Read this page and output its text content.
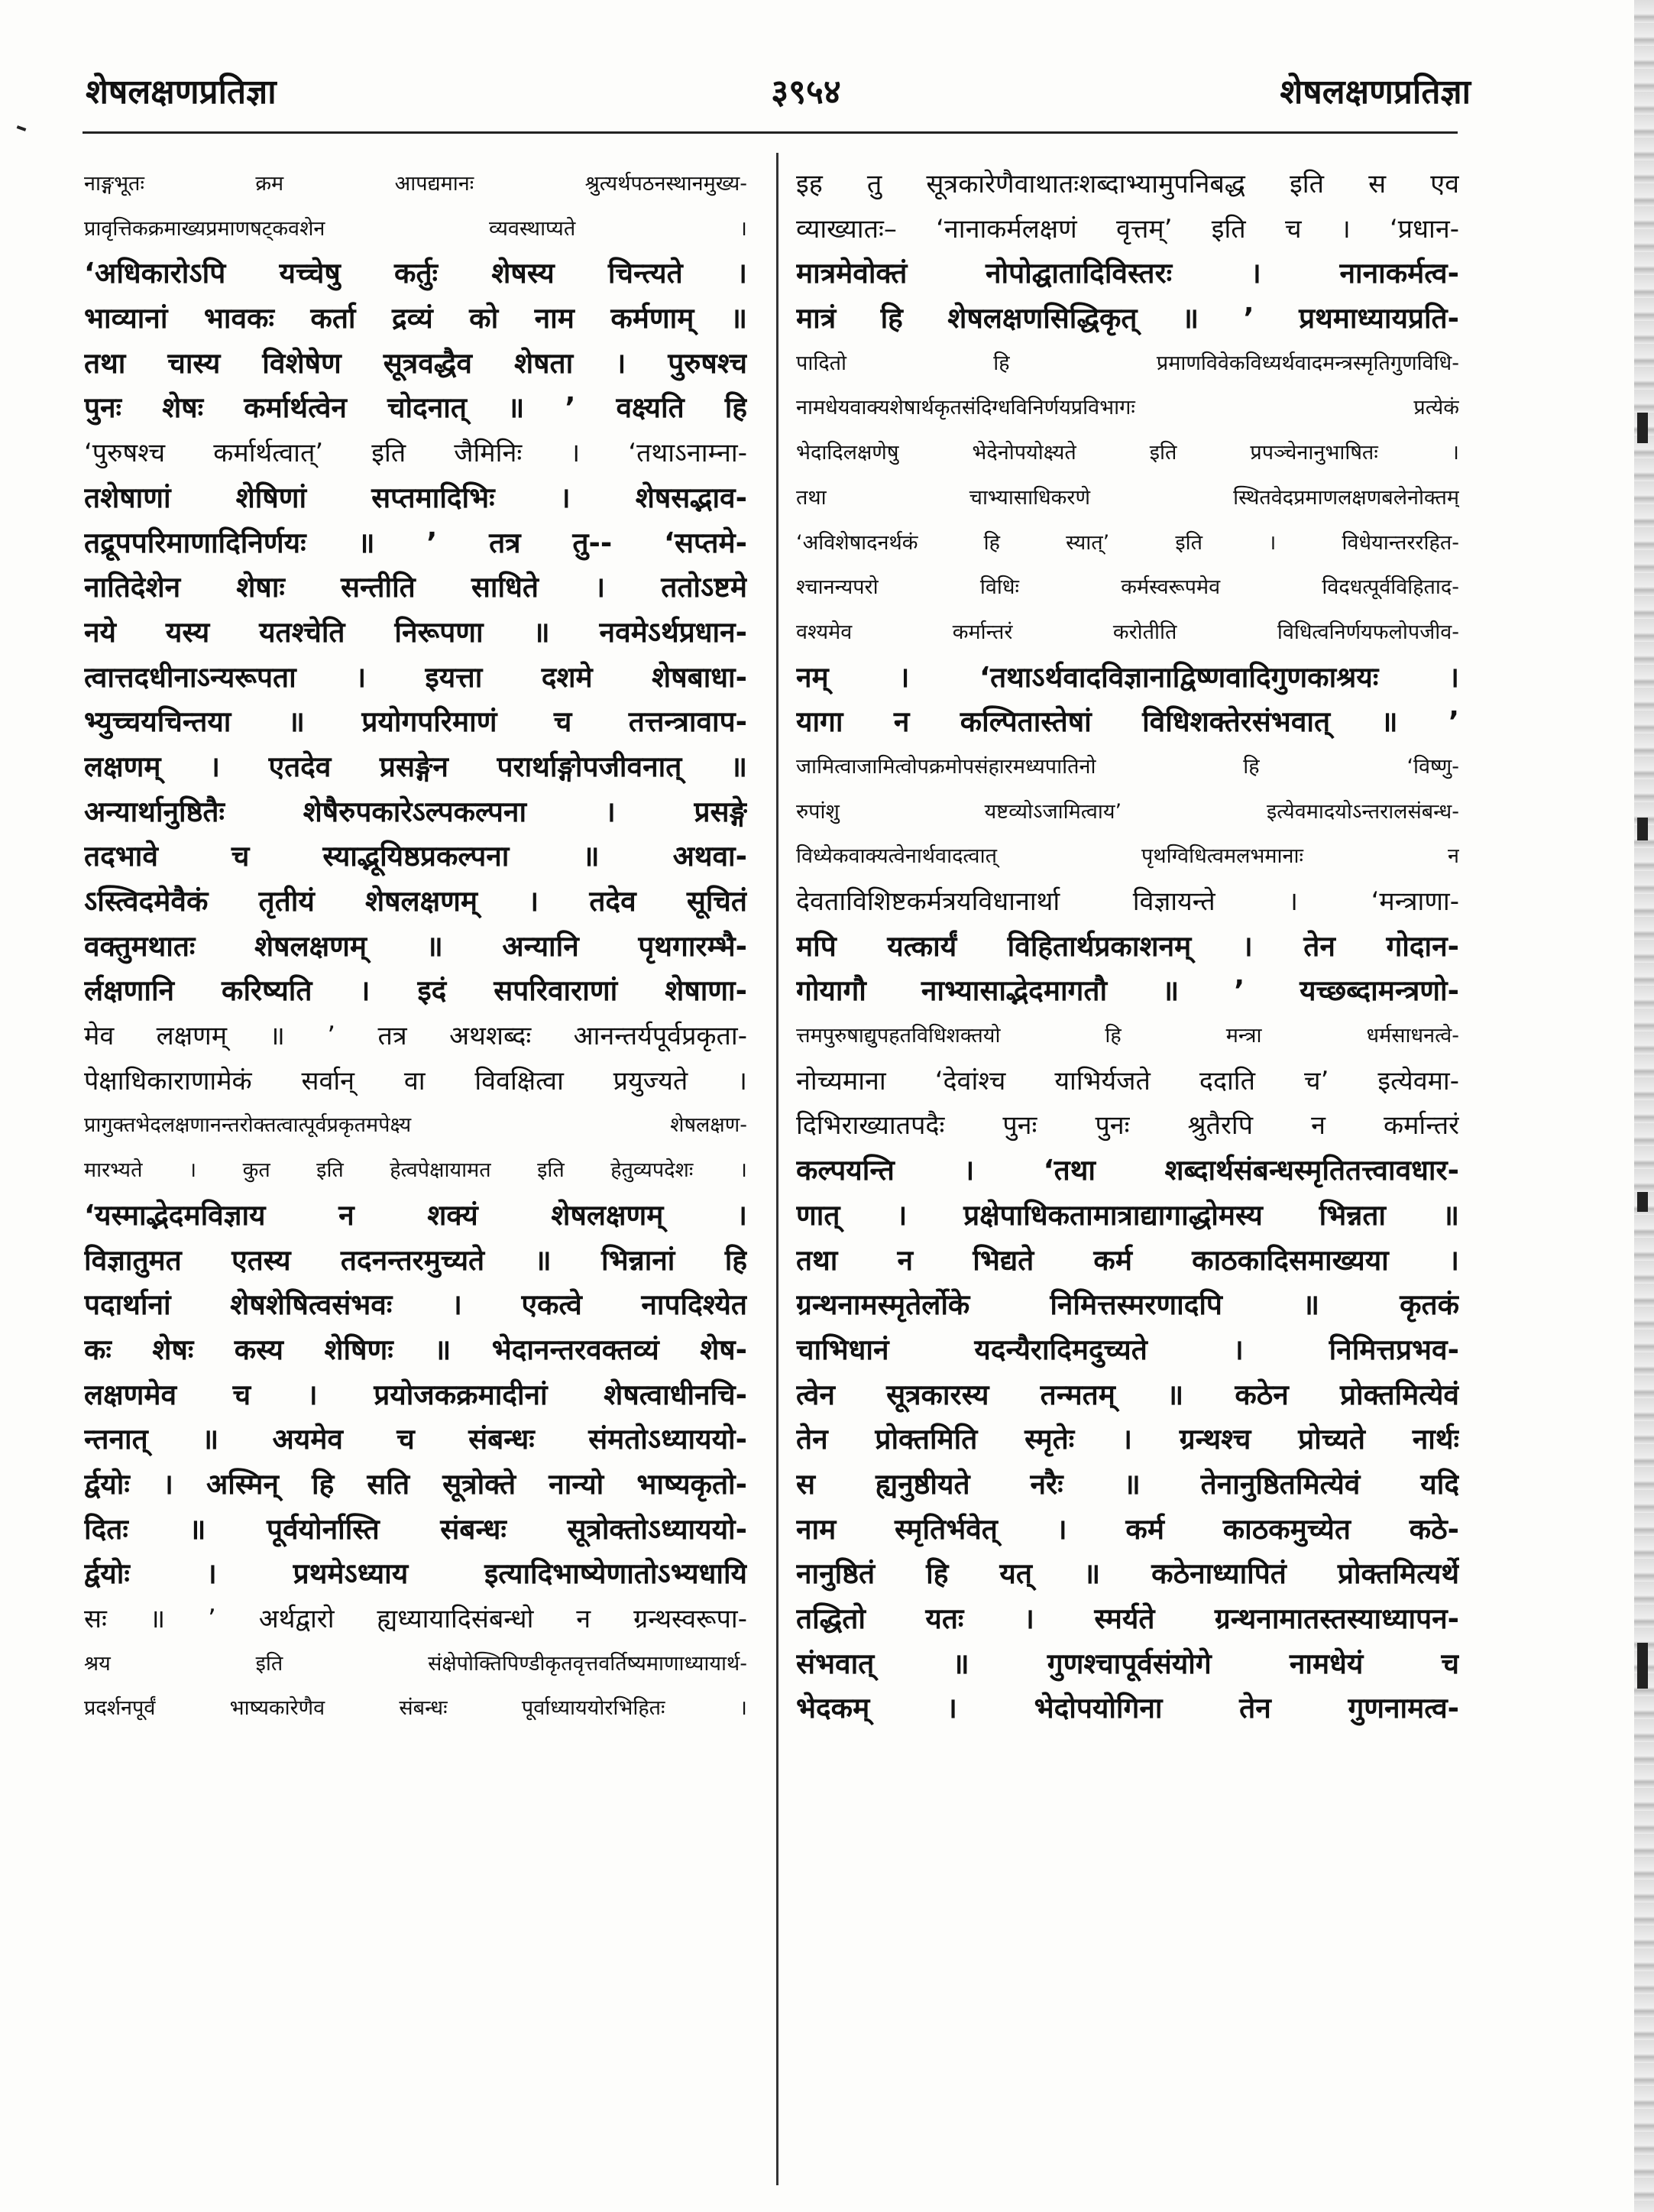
शेषलक्षणप्रतिज्ञा	३९५४	शेषलक्षणप्रतिज्ञा
नाङ्गभूतः क्रम आपद्यमानः श्रुत्यर्थपठनस्थानमुख्य-
प्रावृत्तिकक्रमाख्यप्रमाणषट्कवशेन व्यवस्थाप्यते ।
‘अधिकारोऽपि यच्चेषु कर्तुः शेषस्य चिन्त्यते ।
भाव्यानां भावकः कर्ता द्रव्यं को नाम कर्मणाम् ॥
तथा चास्य विशेषेण सूत्रवद्धैव शेषता । पुरुषश्च
पुनः शेषः कर्मार्थत्वेन चोदनात् ॥ ’ वक्ष्यति हि
‘पुरुषश्च कर्मार्थत्वात्’ इति जैमिनिः । ‘तथाऽनाम्ना-
तशेषाणां शेषिणां सप्तमादिभिः । शेषसद्भाव-
तद्रूपपरिमाणादिनिर्णयः ॥ ’ तत्र तु-- ‘सप्तमे-
नातिदेशेन शेषाः सन्तीति साधिते । ततोऽष्टमे
नये यस्य यतश्चेति निरूपणा ॥ नवमेऽर्थप्रधान-
त्वात्तदधीनाऽन्यरूपता । इयत्ता दशमे शेषबाधा-
भ्युच्चयचिन्तया ॥ प्रयोगपरिमाणं च तत्तन्त्रावाप-
लक्षणम् । एतदेव प्रसङ्गेन परार्थाङ्गोपजीवनात् ॥
अन्यार्थानुष्ठितैः शेषैरुपकारेऽल्पकल्पना । प्रसङ्गे
तदभावे च स्याद्भूयिष्ठप्रकल्पना ॥ अथवा-
ऽस्त्विदमेवैकं तृतीयं शेषलक्षणम् । तदेव सूचितं
वक्तुमथातः शेषलक्षणम् ॥ अन्यानि पृथगारम्भै-
र्लक्षणानि करिष्यति । इदं सपरिवाराणां शेषाणा-
मेव लक्षणम् ॥ ’ तत्र अथशब्दः आनन्तर्यपूर्वप्रकृता-
पेक्षाधिकाराणामेकं सर्वान् वा विवक्षित्वा प्रयुज्यते ।
प्रागुक्तभेदलक्षणानन्तरोक्तत्वात्पूर्वप्रकृतमपेक्ष्य शेषलक्षण-
मारभ्यते । कुत इति हेत्वपेक्षायामत इति हेतुव्यपदेशः ।
‘यस्माद्भेदमविज्ञाय न शक्यं शेषलक्षणम् ।
विज्ञातुमत एतस्य तदनन्तरमुच्यते ॥ भिन्नानां हि
पदार्थानां शेषशेषित्वसंभवः । एकत्वे नापदिश्येत
कः शेषः कस्य शेषिणः ॥ भेदानन्तरवक्तव्यं शेष-
लक्षणमेव च । प्रयोजकक्रमादीनां शेषत्वाधीनचि-
न्तनात् ॥ अयमेव च संबन्धः संमतोऽध्याययो-
र्द्वयोः । अस्मिन् हि सति सूत्रोक्ते नान्यो भाष्यकृतो-
दितः ॥ पूर्वयोर्नास्ति संबन्धः सूत्रोक्तोऽध्याययो-
र्द्वयोः । प्रथमेऽध्याय इत्यादिभाष्येणातोऽभ्यधायि
सः ॥ ’ अर्थद्वारो ह्यध्यायादिसंबन्धो न ग्रन्थस्वरूपा-
श्रय इति संक्षेपोक्तिपिण्डीकृतवृत्तवर्तिष्यमाणाध्यायार्थ-
प्रदर्शनपूर्वं भाष्यकारेणैव संबन्धः पूर्वाध्याययोरभिहितः ।
इह तु सूत्रकारेणैवाथातःशब्दाभ्यामुपनिबद्ध इति स एव
व्याख्यातः– ‘नानाकर्मलक्षणं वृत्तम्’ इति च । ‘प्रधान-
मात्रमेवोक्तं नोपोद्घातादिविस्तरः । नानाकर्मत्व-
मात्रं हि शेषलक्षणसिद्धिकृत् ॥ ’ प्रथमाध्यायप्रति-
पादितो हि प्रमाणविवेकविध्यर्थवादमन्त्रस्मृतिगुणविधि-
नामधेयवाक्यशेषार्थकृतसंदिग्धविनिर्णयप्रविभागः प्रत्येकं
भेदादिलक्षणेषु भेदेनोपयोक्ष्यते इति प्रपञ्चेनानुभाषितः ।
तथा चाभ्यासाधिकरणे स्थितवेदप्रमाणलक्षणबलेनोक्तम्
‘अविशेषादनर्थकं हि स्यात्’ इति । विधेयान्तररहित-
श्चानन्यपरो विधिः कर्मस्वरूपमेव विदधत्पूर्वविहिताद-
वश्यमेव कर्मान्तरं करोतीति विधित्वनिर्णयफलोपजीव-
नम् । ‘तथाऽर्थवादविज्ञानाद्विष्णवादिगुणकाश्रयः ।
यागा न कल्पितास्तेषां विधिशक्तेरसंभवात् ॥ ’
जामित्वाजामित्वोपक्रमोपसंहारमध्यपातिनो हि ‘विष्णु-
रुपांशु यष्टव्योऽजामित्वाय’ इत्येवमादयोऽन्तरालसंबन्ध-
विध्येकवाक्यत्वेनार्थवादत्वात् पृथग्विधित्वमलभमानाः न
देवताविशिष्टकर्मत्रयविधानार्था विज्ञायन्ते । ‘मन्त्राणा-
मपि यत्कार्यं विहितार्थप्रकाशनम् । तेन गोदान-
गोयागौ नाभ्यासाद्भेदमागतौ ॥ ’ यच्छब्दामन्त्रणो-
त्तमपुरुषाद्युपहतविधिशक्तयो हि मन्त्रा धर्मसाधनत्वे-
नोच्यमाना ‘देवांश्च याभिर्यजते ददाति च’ इत्येवमा-
दिभिराख्यातपदैः पुनः पुनः श्रुतैरपि न कर्मान्तरं
कल्पयन्ति । ‘तथा शब्दार्थसंबन्धस्मृतितत्त्वावधार-
णात् । प्रक्षेपाधिकतामात्राद्यागाद्धोमस्य भिन्नता ॥
तथा न भिद्यते कर्म काठकादिसमाख्यया ।
ग्रन्थनामस्मृतेर्लोके निमित्तस्मरणादपि ॥ कृतकं
चाभिधानं यदन्यैरादिमदुच्यते । निमित्तप्रभव-
त्वेन सूत्रकारस्य तन्मतम् ॥ कठेन प्रोक्तमित्येवं
तेन प्रोक्तमिति स्मृतेः । ग्रन्थश्च प्रोच्यते नार्थः
स ह्यनुष्ठीयते नरैः ॥ तेनानुष्ठितमित्येवं यदि
नाम स्मृतिर्भवेत् । कर्म काठकमुच्येत कठे-
नानुष्ठितं हि यत् ॥ कठेनाध्यापितं प्रोक्तमित्यर्थे
तद्धितो यतः । स्मर्यते ग्रन्थनामातस्तस्याध्यापन-
संभवात् ॥ गुणश्चापूर्वसंयोगे नामधेयं च
भेदकम् । भेदोपयोगिना तेन गुणनामत्व-
